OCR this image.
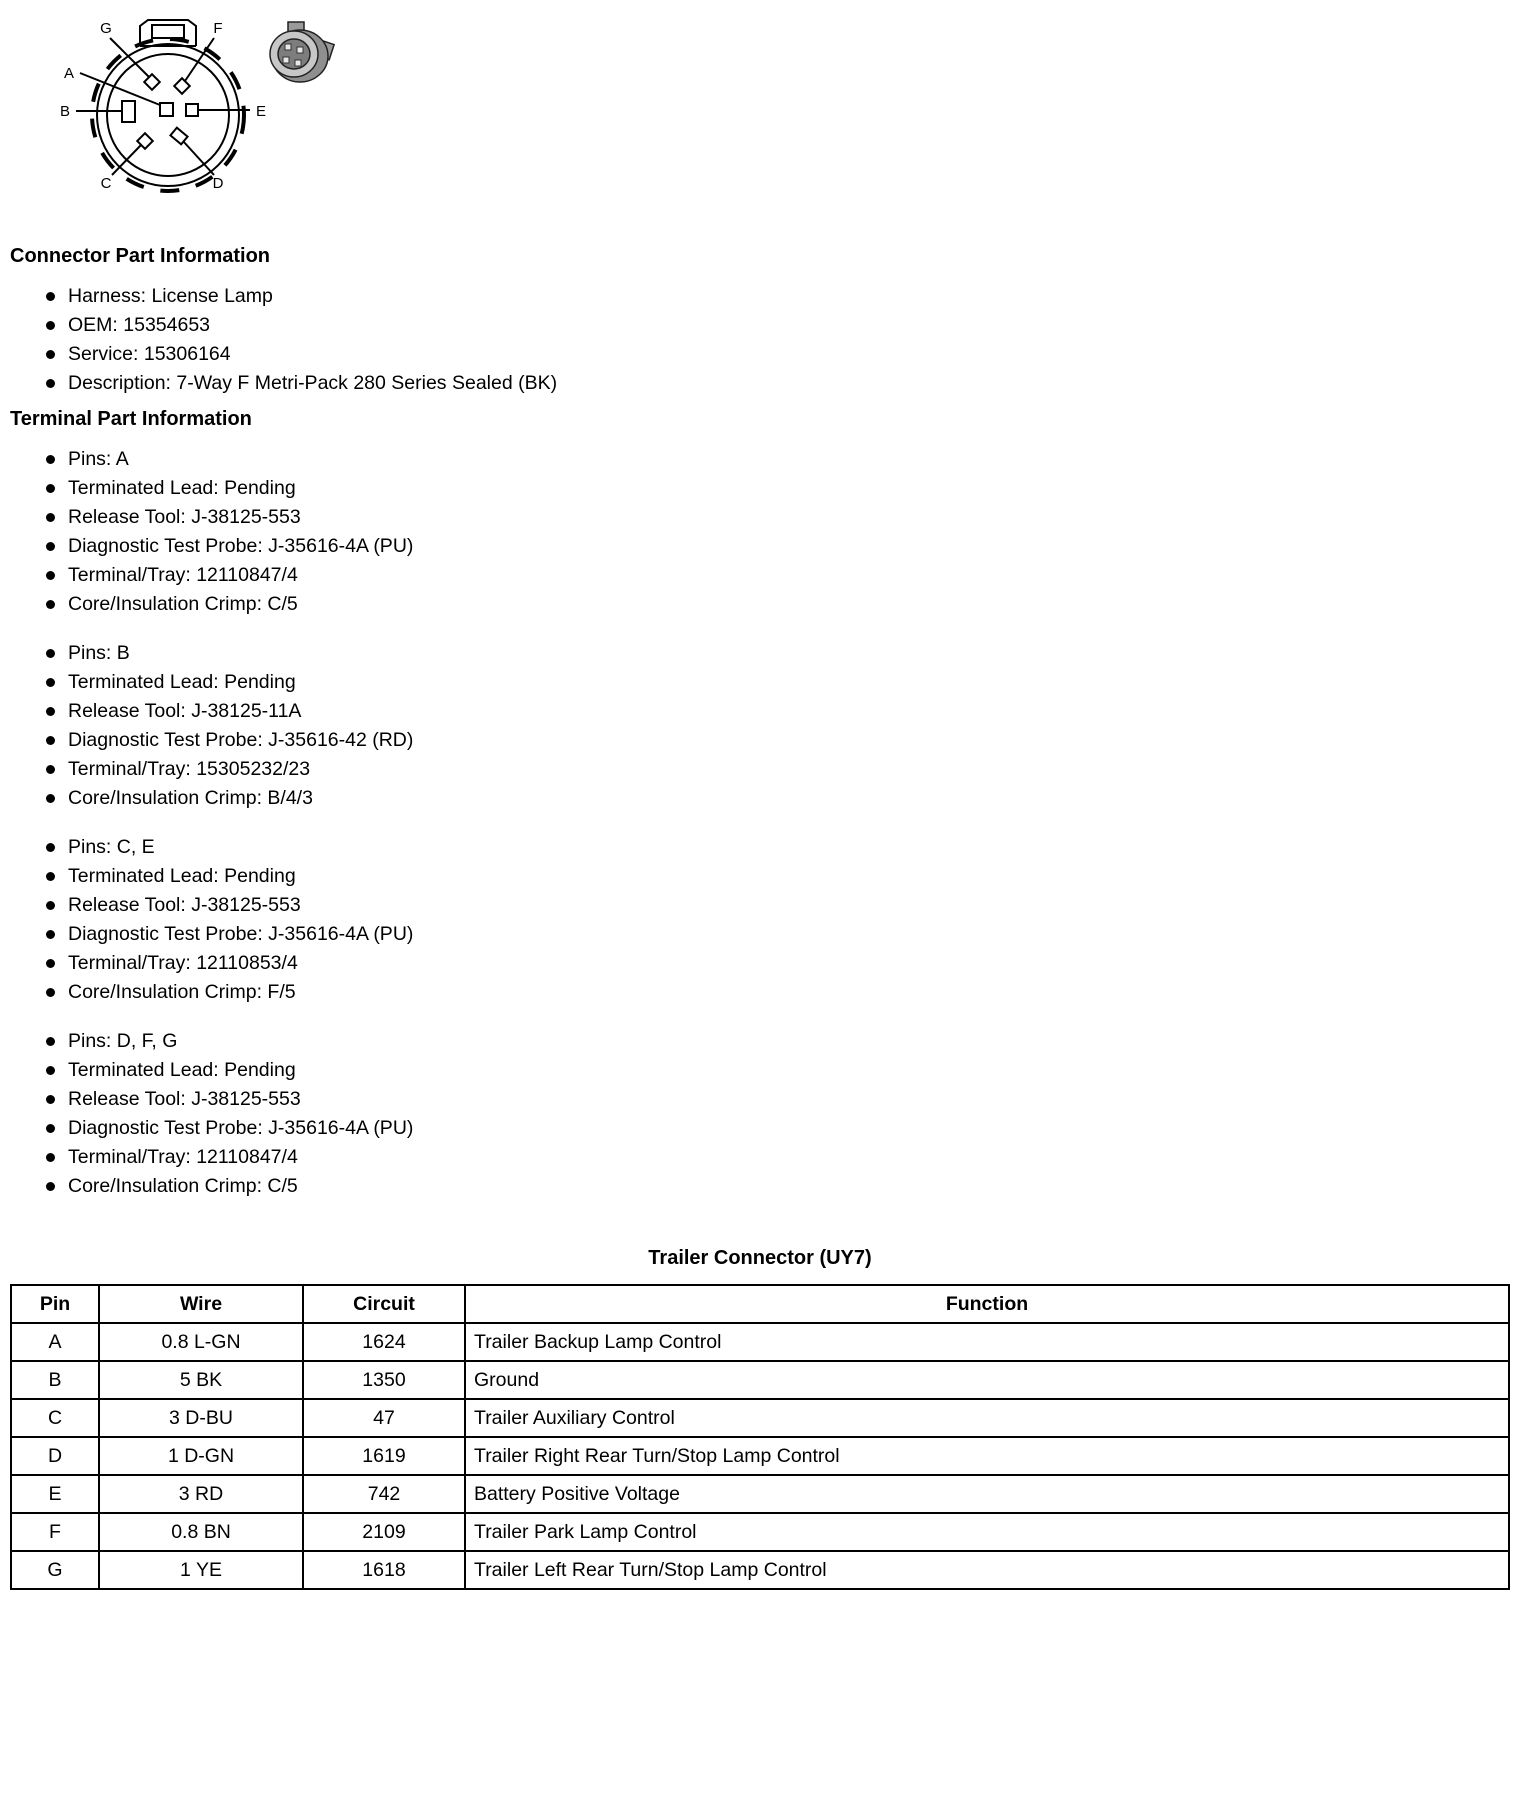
A
G	F
B	E
C	D
Connector Part Information
Harness: License Lamp
OEM: 15354653
Service: 15306164
Description: 7-Way F Metri-Pack 280 Series Sealed (BK)
Terminal Part Information
Pins: A
Terminated Lead: Pending
Release Tool: J-38125-553
Diagnostic Test Probe: J-35616-4A (PU)
Terminal/Tray: 12110847/4
Core/Insulation Crimp: C/5
Pins: B
Terminated Lead: Pending
Release Tool: J-38125-11A
Diagnostic Test Probe: J-35616-42 (RD)
Terminal/Tray: 15305232/23
Core/Insulation Crimp: B/4/3
Pins: C, E
Terminated Lead: Pending
Release Tool: J-38125-553
Diagnostic Test Probe: J-35616-4A (PU)
Terminal/Tray: 12110853/4
Core/Insulation Crimp: F/5
Pins: D, F, G
Terminated Lead: Pending
Release Tool: J-38125-553
Diagnostic Test Probe: J-35616-4A (PU)
Terminal/Tray: 12110847/4
Core/Insulation Crimp: C/5
Trailer Connector (UY7)
Pin	Wire	Circuit	Function
A	0.8 L-GN	1624	Trailer Backup Lamp Control
B	5 BK	1350	Ground
C	3 D-BU	47	Trailer Auxiliary Control
D	1 D-GN	1619	Trailer Right Rear Turn/Stop Lamp Control
E	3 RD	742	Battery Positive Voltage
F	0.8 BN	2109	Trailer Park Lamp Control
G	1 YE	1618	Trailer Left Rear Turn/Stop Lamp Control
